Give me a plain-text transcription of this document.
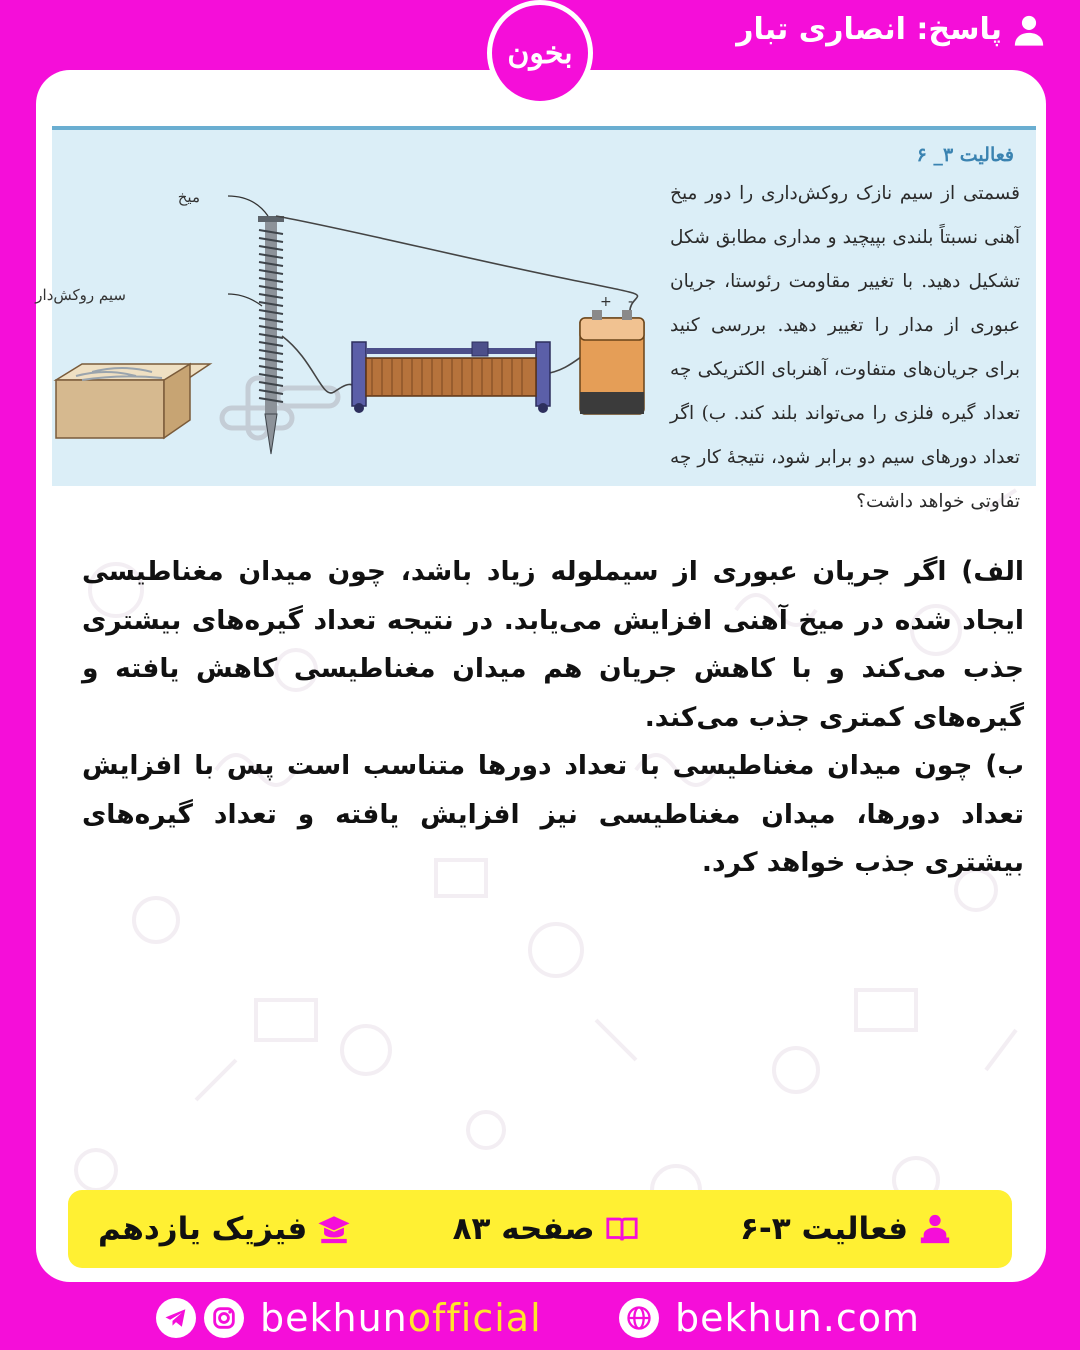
پاسخ: انصاری تبار
بخون
فعالیت ۳_ ۶
قسمتی از سیم نازک روکش‌داری را دور میخ آهنی نسبتاً بلندی بپیچید و مداری مطابق شکل تشکیل دهید. با تغییر مقاومت رئوستا، جریان عبوری از مدار را تغییر دهید. بررسی کنید برای جریان‌های متفاوت، آهنربای الکتریکی چه تعداد گیره فلزی را می‌تواند بلند کند. ب) اگر تعداد دورهای سیم دو برابر شود، نتیجهٔ کار چه تفاوتی خواهد داشت؟
میخ
سیم روکش‌دار	+ -

الف) اگر جریان عبوری از سیملوله زیاد باشد، چون میدان مغناطیسی ایجاد شده در میخ آهنی افزایش می‌یابد. در نتیجه تعداد گیره‌های بیشتری جذب می‌کند و با کاهش جریان هم میدان مغناطیسی کاهش یافته و گیره‌های کمتری جذب می‌کند.

ب) چون میدان مغناطیسی با تعداد دورها متناسب است پس با افزایش تعداد دورها، میدان مغناطیسی نیز افزایش یافته و تعداد گیره‌های بیشتری جذب خواهد کرد.

فعالیت ۳-۶
صفحه ۸۳
فیزیک یازدهم
bekhunofficial	bekhun.com
